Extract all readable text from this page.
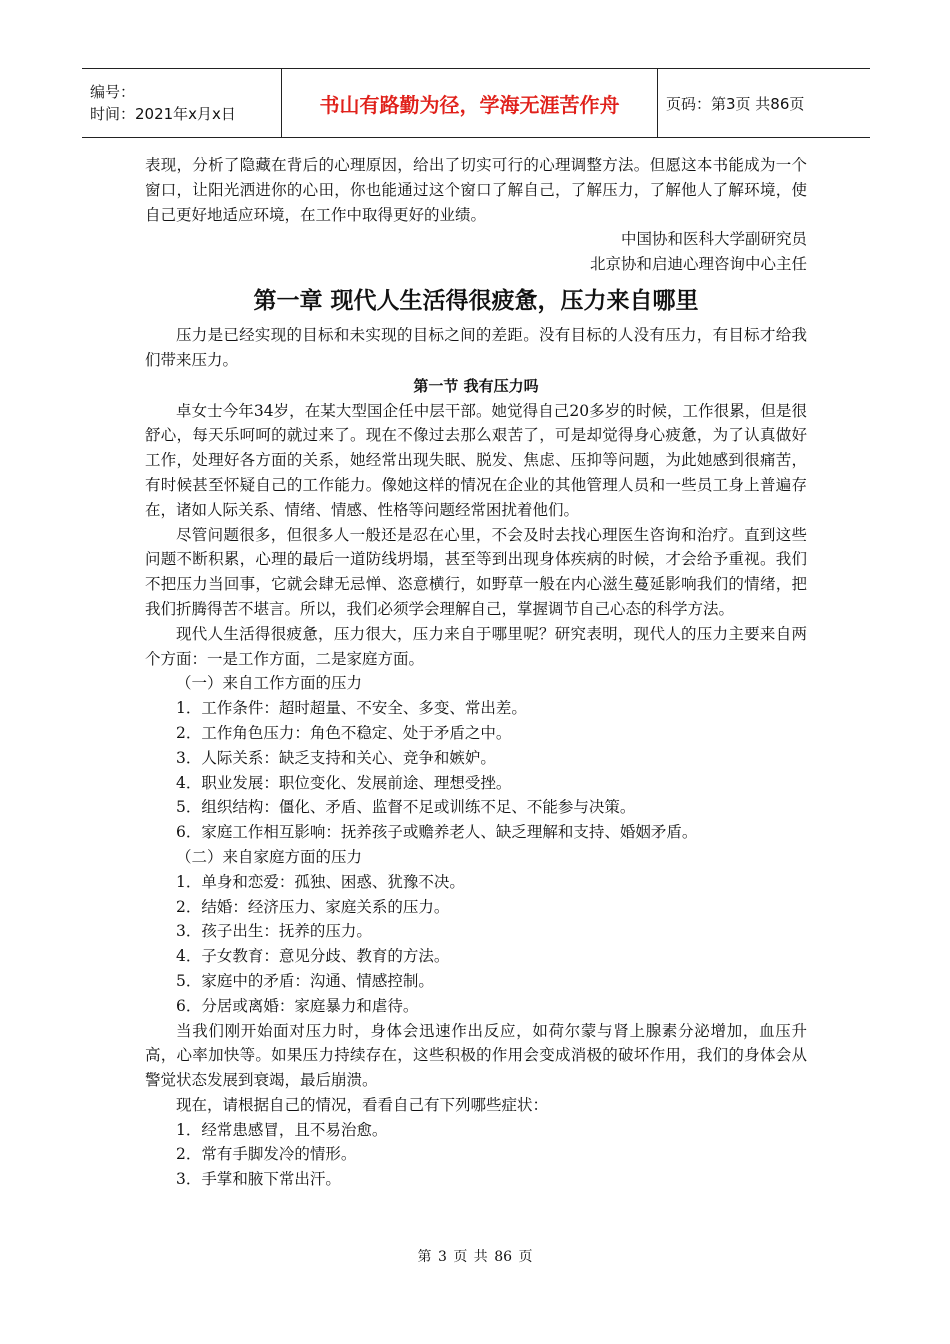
编号：
时间：2021年x月x日	书山有路勤为径，学海无涯苦作舟	页码：第3页 共86页

表现，分析了隐藏在背后的心理原因，给出了切实可行的心理调整方法。但愿这本书能成为一个窗口，让阳光洒进你的心田，你也能通过这个窗口了解自己，了解压力，了解他人了解环境，使自己更好地适应环境，在工作中取得更好的业绩。

中国协和医科大学副研究员

北京协和启迪心理咨询中心主任

第一章 现代人生活得很疲惫，压力来自哪里

压力是已经实现的目标和未实现的目标之间的差距。没有目标的人没有压力，有目标才给我们带来压力。

第一节 我有压力吗

卓女士今年34岁，在某大型国企任中层干部。她觉得自己20多岁的时候，工作很累，但是很舒心，每天乐呵呵的就过来了。现在不像过去那么艰苦了，可是却觉得身心疲惫，为了认真做好工作，处理好各方面的关系，她经常出现失眠、脱发、焦虑、压抑等问题，为此她感到很痛苦，有时候甚至怀疑自己的工作能力。像她这样的情况在企业的其他管理人员和一些员工身上普遍存在，诸如人际关系、情绪、情感、性格等问题经常困扰着他们。

尽管问题很多，但很多人一般还是忍在心里，不会及时去找心理医生咨询和治疗。直到这些问题不断积累，心理的最后一道防线坍塌，甚至等到出现身体疾病的时候，才会给予重视。我们不把压力当回事，它就会肆无忌惮、恣意横行，如野草一般在内心滋生蔓延影响我们的情绪，把我们折腾得苦不堪言。所以，我们必须学会理解自己，掌握调节自己心态的科学方法。

现代人生活得很疲惫，压力很大，压力来自于哪里呢？研究表明，现代人的压力主要来自两个方面：一是工作方面，二是家庭方面。

（一）来自工作方面的压力

1．工作条件：超时超量、不安全、多变、常出差。

2．工作角色压力：角色不稳定、处于矛盾之中。

3．人际关系：缺乏支持和关心、竞争和嫉妒。

4．职业发展：职位变化、发展前途、理想受挫。

5．组织结构：僵化、矛盾、监督不足或训练不足、不能参与决策。

6．家庭工作相互影响：抚养孩子或赡养老人、缺乏理解和支持、婚姻矛盾。

（二）来自家庭方面的压力

1．单身和恋爱：孤独、困惑、犹豫不决。

2．结婚：经济压力、家庭关系的压力。

3．孩子出生：抚养的压力。

4．子女教育：意见分歧、教育的方法。

5．家庭中的矛盾：沟通、情感控制。

6．分居或离婚：家庭暴力和虐待。

当我们刚开始面对压力时，身体会迅速作出反应，如荷尔蒙与肾上腺素分泌增加，血压升高，心率加快等。如果压力持续存在，这些积极的作用会变成消极的破坏作用，我们的身体会从警觉状态发展到衰竭，最后崩溃。

现在，请根据自己的情况，看看自己有下列哪些症状：

1．经常患感冒，且不易治愈。

2．常有手脚发冷的情形。

3．手掌和腋下常出汗。

第 3 页 共 86 页
